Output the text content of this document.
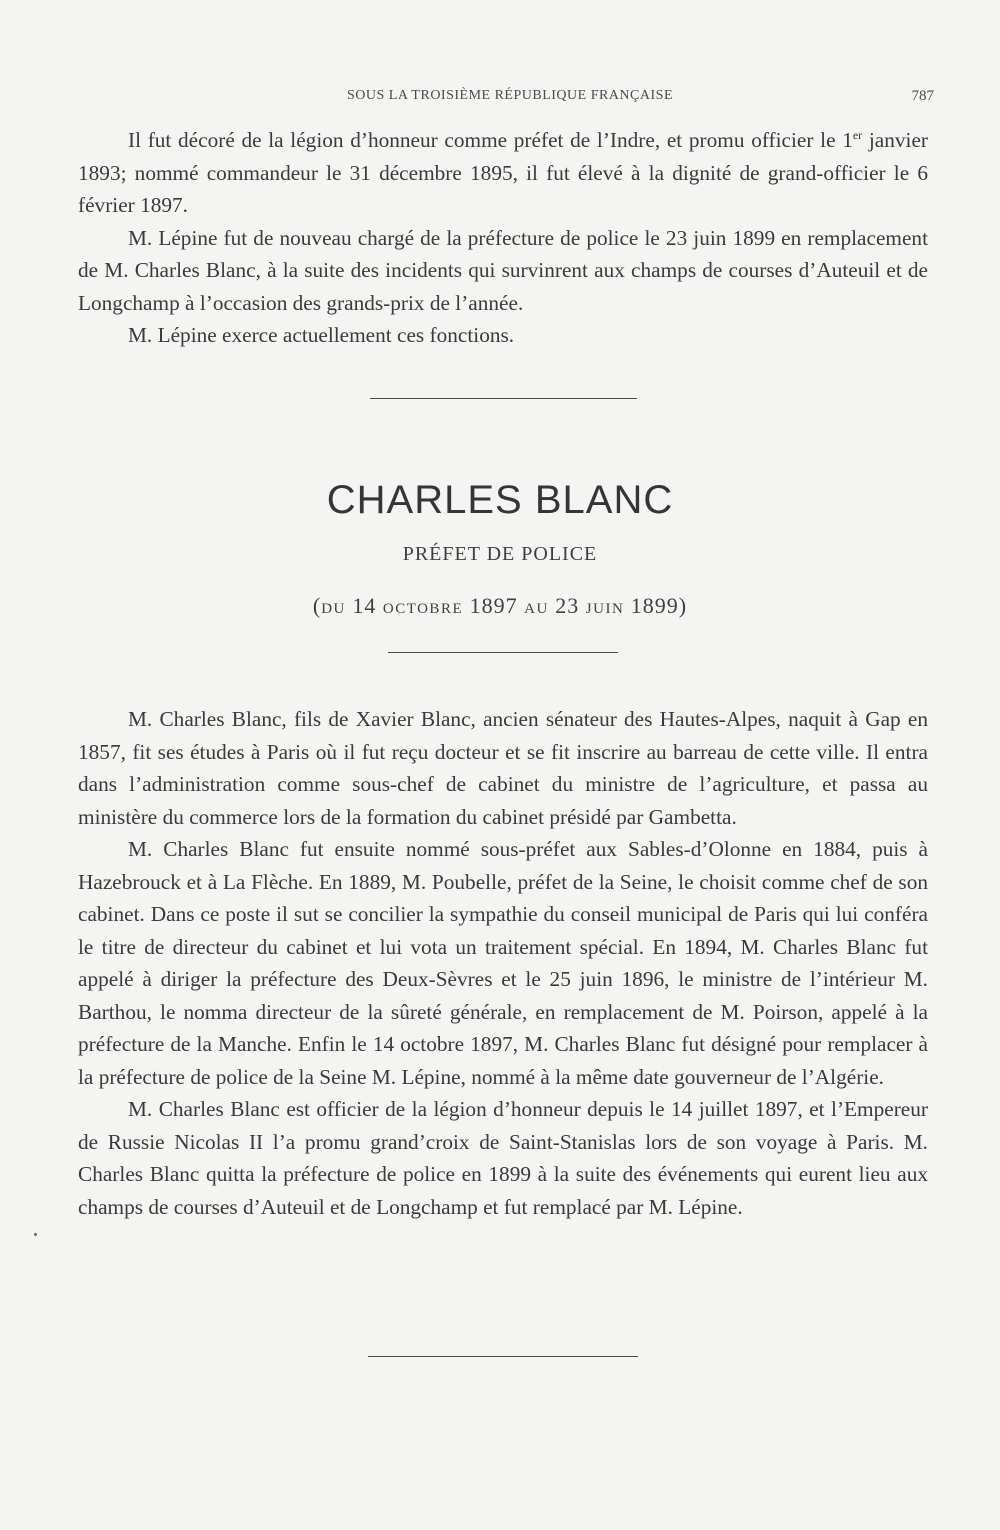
SOUS LA TROISIÈME RÉPUBLIQUE FRANÇAISE	787

Il fut décoré de la légion d’honneur comme préfet de l’Indre, et promu officier le 1er janvier 1893; nommé commandeur le 31 décembre 1895, il fut élevé à la dignité de grand-officier le 6 février 1897.

M. Lépine fut de nouveau chargé de la préfecture de police le 23 juin 1899 en remplacement de M. Charles Blanc, à la suite des incidents qui survinrent aux champs de courses d’Auteuil et de Longchamp à l’occasion des grands-prix de l’année.

M. Lépine exerce actuellement ces fonctions.

CHARLES BLANC
PRÉFET DE POLICE
(DU 14 OCTOBRE 1897 AU 23 JUIN 1899)

M. Charles Blanc, fils de Xavier Blanc, ancien sénateur des Hautes-Alpes, naquit à Gap en 1857, fit ses études à Paris où il fut reçu docteur et se fit inscrire au barreau de cette ville. Il entra dans l’administration comme sous-chef de cabinet du ministre de l’agriculture, et passa au ministère du commerce lors de la formation du cabinet présidé par Gambetta.

M. Charles Blanc fut ensuite nommé sous-préfet aux Sables-d’Olonne en 1884, puis à Hazebrouck et à La Flèche. En 1889, M. Poubelle, préfet de la Seine, le choisit comme chef de son cabinet. Dans ce poste il sut se concilier la sympathie du conseil municipal de Paris qui lui conféra le titre de directeur du cabinet et lui vota un traitement spécial. En 1894, M. Charles Blanc fut appelé à diriger la préfecture des Deux-Sèvres et le 25 juin 1896, le ministre de l’intérieur M. Barthou, le nomma directeur de la sûreté générale, en remplacement de M. Poirson, appelé à la préfecture de la Manche. Enfin le 14 octobre 1897, M. Charles Blanc fut désigné pour remplacer à la préfecture de police de la Seine M. Lépine, nommé à la même date gouverneur de l’Algérie.

M. Charles Blanc est officier de la légion d’honneur depuis le 14 juillet 1897, et l’Empereur de Russie Nicolas II l’a promu grand’croix de Saint-Stanislas lors de son voyage à Paris. M. Charles Blanc quitta la préfecture de police en 1899 à la suite des événements qui eurent lieu aux champs de courses d’Auteuil et de Longchamp et fut remplacé par M. Lépine.
